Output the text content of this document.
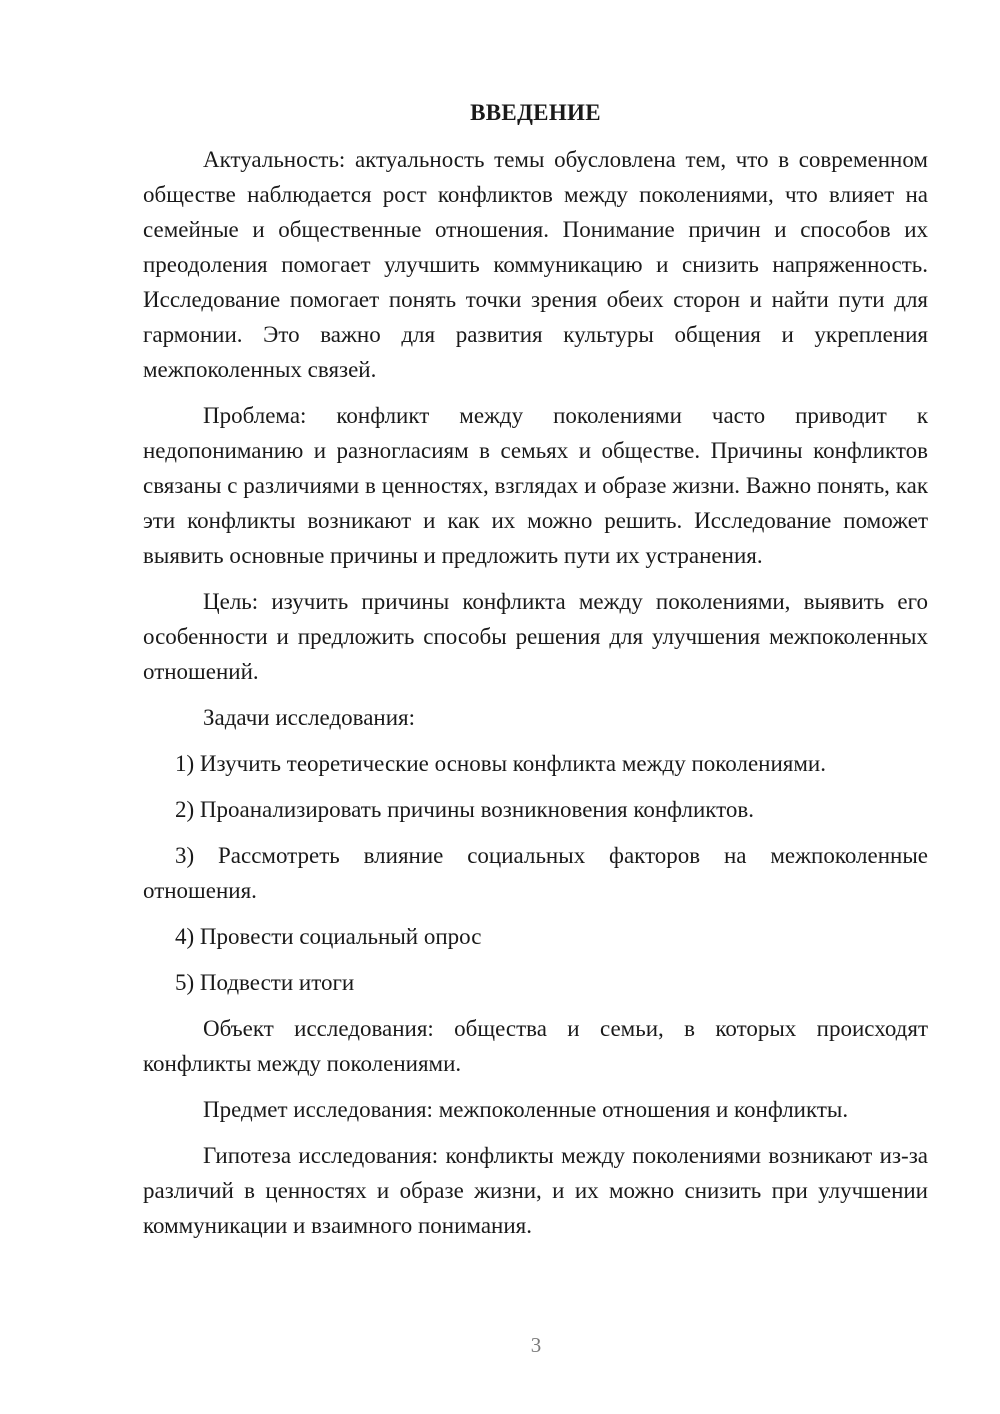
ВВЕДЕНИЕ

Актуальность: актуальность темы обусловлена тем, что в современном обществе наблюдается рост конфликтов между поколениями, что влияет на семейные и общественные отношения. Понимание причин и способов их преодоления помогает улучшить коммуникацию и снизить напряженность. Исследование помогает понять точки зрения обеих сторон и найти пути для гармонии. Это важно для развития культуры общения и укрепления межпоколенных связей.

Проблема: конфликт между поколениями часто приводит к недопониманию и разногласиям в семьях и обществе. Причины конфликтов связаны с различиями в ценностях, взглядах и образе жизни. Важно понять, как эти конфликты возникают и как их можно решить. Исследование поможет выявить основные причины и предложить пути их устранения.

Цель: изучить причины конфликта между поколениями, выявить его особенности и предложить способы решения для улучшения межпоколенных отношений.

Задачи исследования:

1) Изучить теоретические основы конфликта между поколениями.

2) Проанализировать причины возникновения конфликтов.

3) Рассмотреть влияние социальных факторов на межпоколенные отношения.

4) Провести социальный опрос

5) Подвести итоги

Объект исследования: общества и семьи, в которых происходят конфликты между поколениями.

Предмет исследования: межпоколенные отношения и конфликты.

Гипотеза исследования: конфликты между поколениями возникают из-за различий в ценностях и образе жизни, и их можно снизить при улучшении коммуникации и взаимного понимания.

3
